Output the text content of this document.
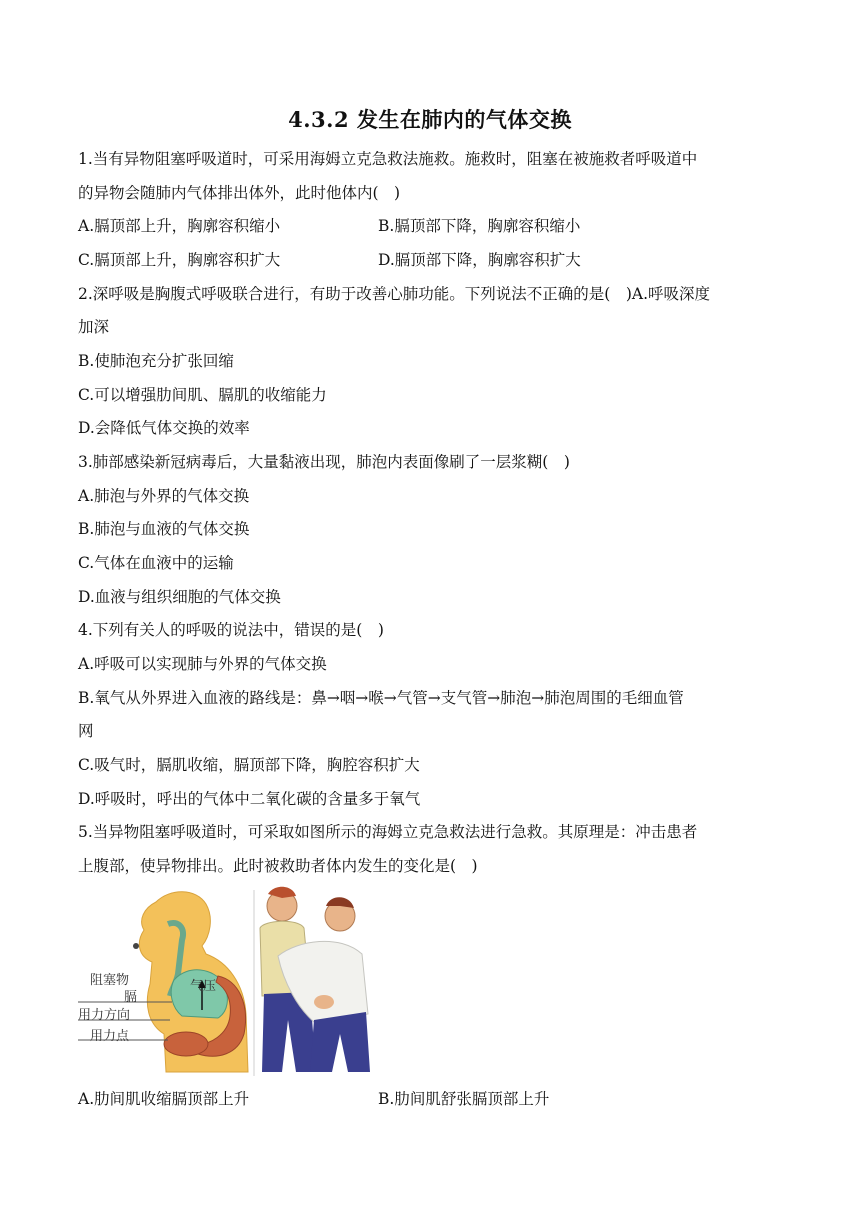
4.3.2 发生在肺内的气体交换
1.当有异物阻塞呼吸道时，可采用海姆立克急救法施救。施救时，阻塞在被施救者呼吸道中
的异物会随肺内气体排出体外，此时他体内(　)
A.膈顶部上升，胸廓容积缩小	B.膈顶部下降，胸廓容积缩小
C.膈顶部上升，胸廓容积扩大	D.膈顶部下降，胸廓容积扩大
2.深呼吸是胸腹式呼吸联合进行，有助于改善心肺功能。下列说法不正确的是(　)A.呼吸深度
加深
B.使肺泡充分扩张回缩
C.可以增强肋间肌、膈肌的收缩能力
D.会降低气体交换的效率
3.肺部感染新冠病毒后，大量黏液出现，肺泡内表面像刷了一层浆糊(　)
A.肺泡与外界的气体交换
B.肺泡与血液的气体交换
C.气体在血液中的运输
D.血液与组织细胞的气体交换
4.下列有关人的呼吸的说法中，错误的是(　)
A.呼吸可以实现肺与外界的气体交换
B.氧气从外界进入血液的路线是：鼻→咽→喉→气管→支气管→肺泡→肺泡周围的毛细血管
网
C.吸气时，膈肌收缩，膈顶部下降，胸腔容积扩大
D.呼吸时，呼出的气体中二氧化碳的含量多于氧气
5.当异物阻塞呼吸道时，可采取如图所示的海姆立克急救法进行急救。其原理是：冲击患者
上腹部，使异物排出。此时被救助者体内发生的变化是(　)
阻塞物
膈
用力方向
用力点
气压
A.肋间肌收缩膈顶部上升	B.肋间肌舒张膈顶部上升
